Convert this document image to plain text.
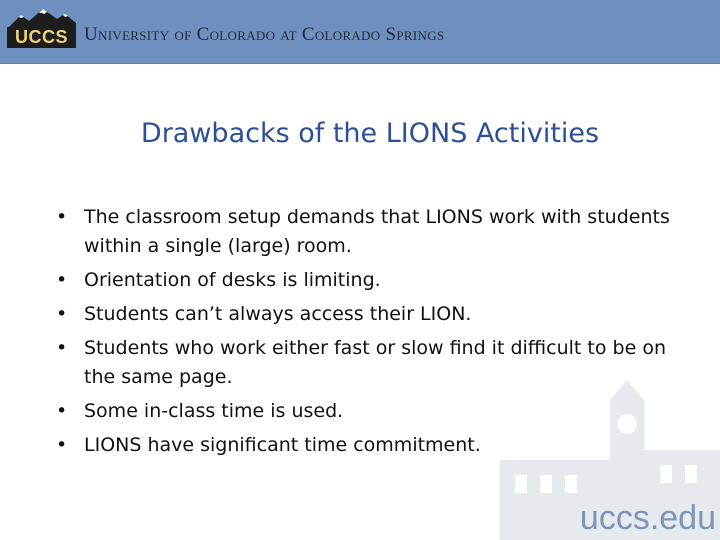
UCCS University of Colorado at Colorado Springs
Drawbacks of the LIONS Activities
• The classroom setup demands that LIONS work with students within a single (large) room.
• Orientation of desks is limiting.
• Students can’t always access their LION.
• Students who work either fast or slow find it difficult to be on the same page.
• Some in-class time is used.
• LIONS have significant time commitment.
uccs.edu
